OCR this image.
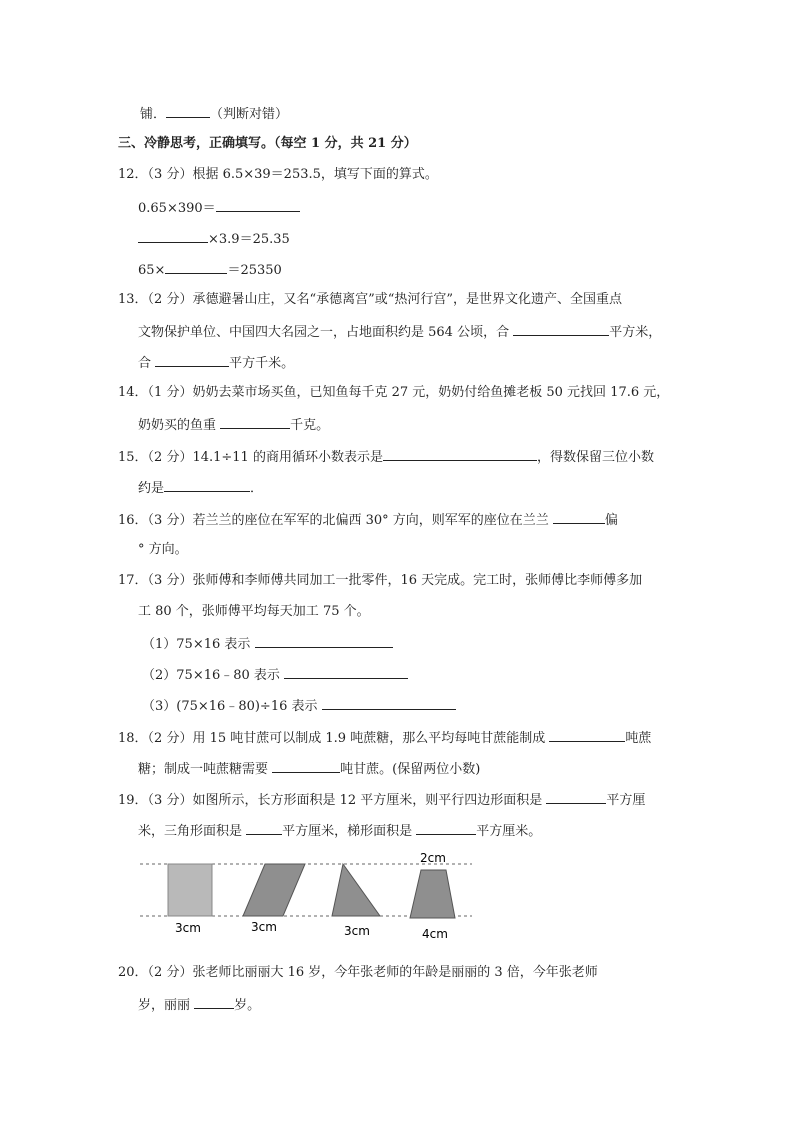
铺．	（判断对错）
三、冷静思考，正确填写。（每空 1 分，共 21 分）
12．（3 分）根据 6.5×39＝253.5，填写下面的算式。
0.65×390＝
×3.9＝25.35
65×	＝25350
13．（2 分）承德避暑山庄，又名“承德离宫”或“热河行宫”，是世界文化遗产、全国重点
文物保护单位、中国四大名园之一，占地面积约是 564 公顷，合	平方米，
合	平方千米。
14．（1 分）奶奶去菜市场买鱼，已知鱼每千克 27 元，奶奶付给鱼摊老板 50 元找回 17.6 元，
奶奶买的鱼重	千克。
15．（2 分）14.1÷11 的商用循环小数表示是	，得数保留三位小数
约是	．
16．（3 分）若兰兰的座位在军军的北偏西 30° 方向，则军军的座位在兰兰	偏
° 方向。
17．（3 分）张师傅和李师傅共同加工一批零件，16 天完成。完工时，张师傅比李师傅多加
工 80 个，张师傅平均每天加工 75 个。
（1）75×16 表示
（2）75×16﹣80 表示
（3）(75×16﹣80)÷16 表示
18．（2 分）用 15 吨甘蔗可以制成 1.9 吨蔗糖，那么平均每吨甘蔗能制成	吨蔗
糖；制成一吨蔗糖需要	吨甘蔗。(保留两位小数)
19．（3 分）如图所示，长方形面积是 12 平方厘米，则平行四边形面积是	平方厘
米，三角形面积是	平方厘米，梯形面积是	平方厘米。
3cm	3cm	3cm	4cm
2cm
20．（2 分）张老师比丽丽大 16 岁，今年张老师的年龄是丽丽的 3 倍，今年张老师
岁，丽丽	岁。
